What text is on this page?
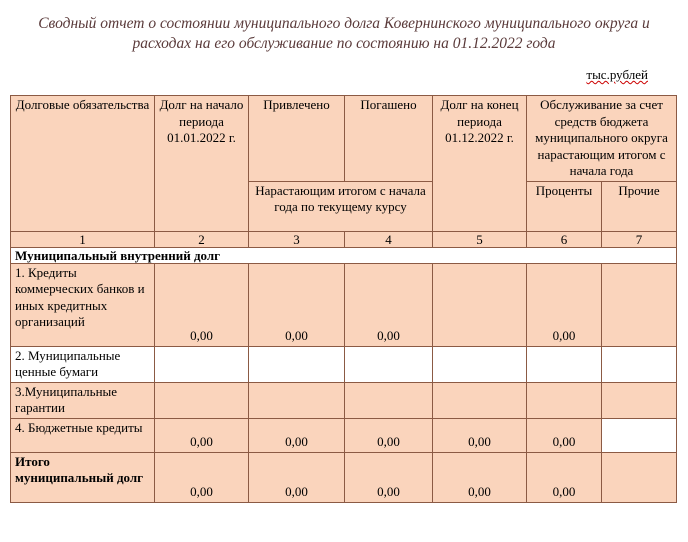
Сводный отчет о состоянии муниципального долга Ковернинского муниципального округа и
расходах на его обслуживание по состоянию на 01.12.2022 года
тыс.рублей
Долговые обязательства	Долг на начало периода 01.01.2022 г.	Привлечено	Погашено	Долг на конец периода 01.12.2022 г.	Обслуживание за счет средств бюджета муниципального округа нарастающим итогом с начала года	
		Нарастающим итогом с начала года по текущему курсу			Проценты	Прочие
1	2	3	4	5	6	7
Муниципальный внутренний долг						
1. Кредиты коммерческих банков и иных кредитных организаций	0,00	0,00	0,00		0,00	
2. Муниципальные ценные бумаги						
3.Муниципальные гарантии						
4. Бюджетные кредиты	0,00	0,00	0,00	0,00	0,00	
Итого муниципальный долг	0,00	0,00	0,00	0,00	0,00	
